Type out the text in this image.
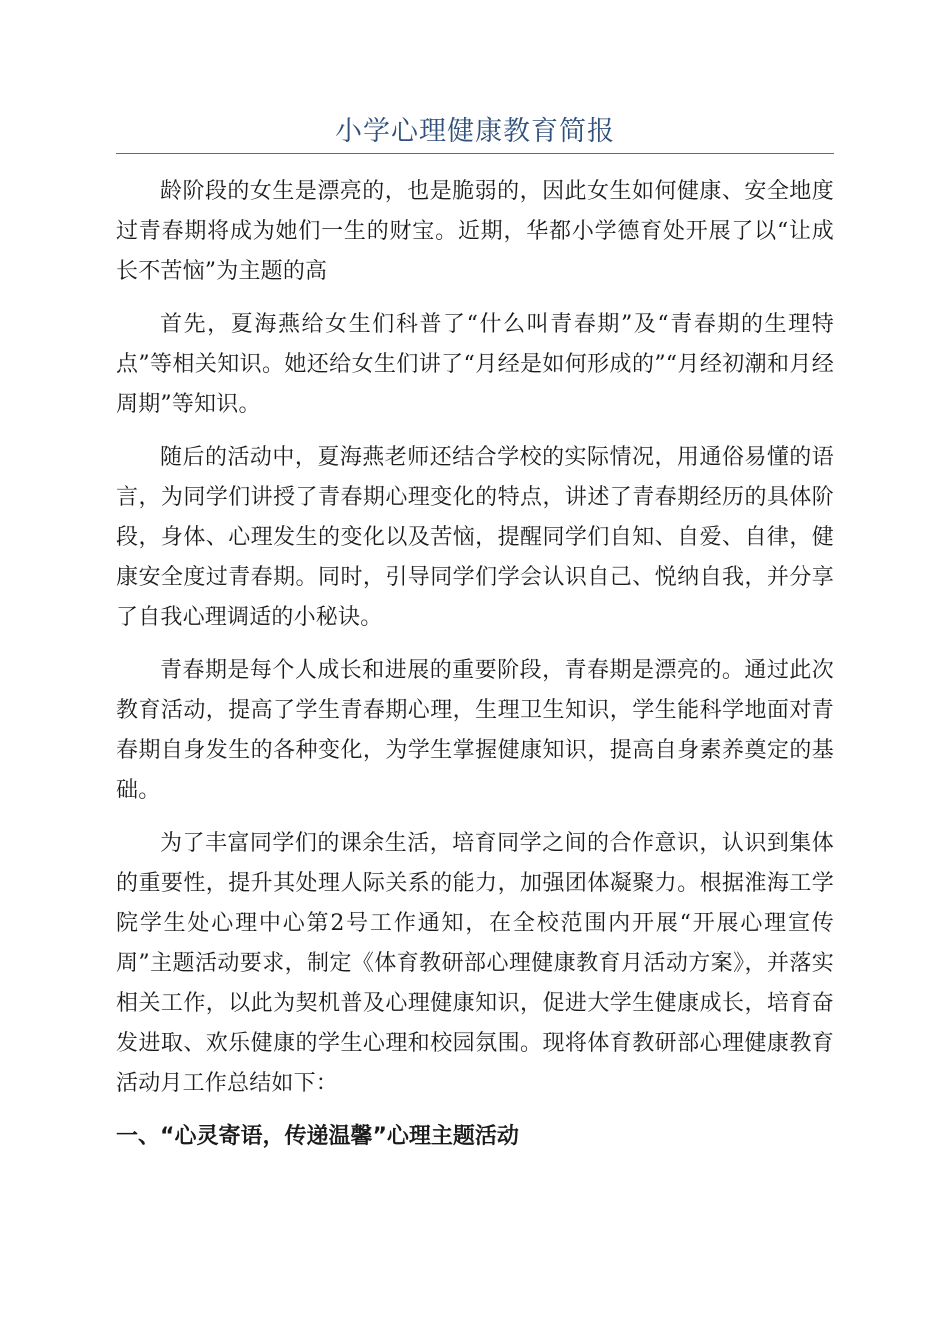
小学心理健康教育简报

龄阶段的女生是漂亮的，也是脆弱的，因此女生如何健康、安全地度过青春期将成为她们一生的财宝。近期，华都小学德育处开展了以“让成长不苦恼”为主题的高

首先，夏海燕给女生们科普了“什么叫青春期”及“青春期的生理特点”等相关知识。她还给女生们讲了“月经是如何形成的”“月经初潮和月经周期”等知识。

随后的活动中，夏海燕老师还结合学校的实际情况，用通俗易懂的语言，为同学们讲授了青春期心理变化的特点，讲述了青春期经历的具体阶段，身体、心理发生的变化以及苦恼，提醒同学们自知、自爱、自律，健康安全度过青春期。同时，引导同学们学会认识自己、悦纳自我，并分享了自我心理调适的小秘诀。

青春期是每个人成长和进展的重要阶段，青春期是漂亮的。通过此次教育活动，提高了学生青春期心理，生理卫生知识，学生能科学地面对青春期自身发生的各种变化，为学生掌握健康知识，提高自身素养奠定的基础。

为了丰富同学们的课余生活，培育同学之间的合作意识，认识到集体的重要性，提升其处理人际关系的能力，加强团体凝聚力。根据淮海工学院学生处心理中心第2号工作通知，在全校范围内开展“开展心理宣传周”主题活动要求，制定《体育教研部心理健康教育月活动方案》，并落实相关工作，以此为契机普及心理健康知识，促进大学生健康成长，培育奋发进取、欢乐健康的学生心理和校园氛围。现将体育教研部心理健康教育活动月工作总结如下：

一、“心灵寄语，传递温馨”心理主题活动
